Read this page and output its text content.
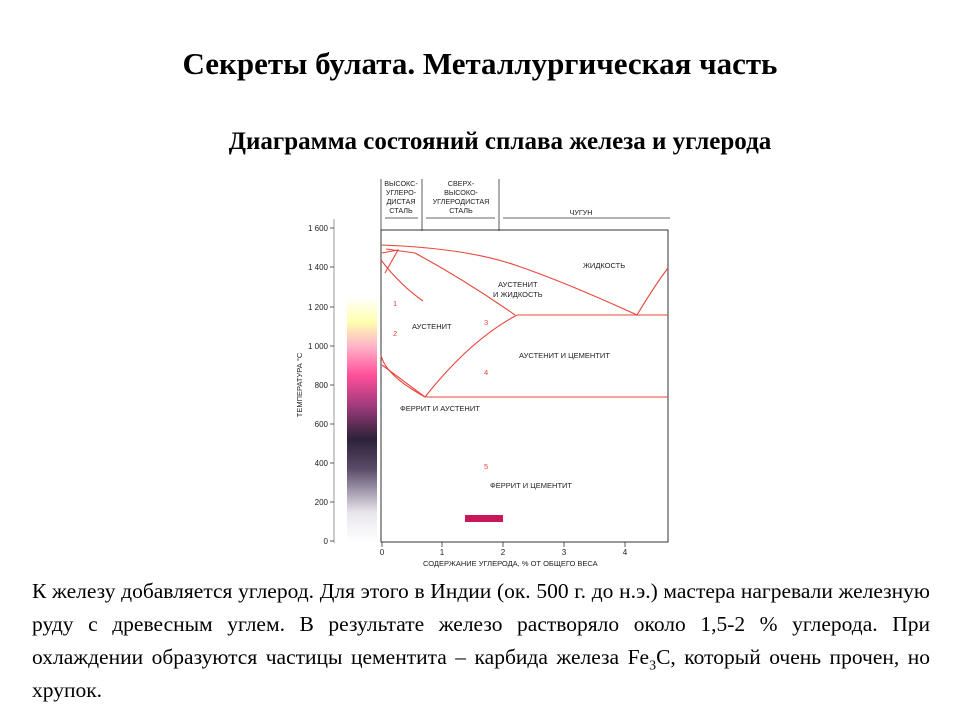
Секреты булата. Металлургическая часть
Диаграмма состояний сплава железа и углерода
ВЫСОКС-
УГЛЕРО-
ДИСТАЯ
СТАЛЬ
СВЕРХ-
ВЫСОКО-
УГЛЕРОДИСТАЯ
СТАЛЬ	ЧУГУН
0
200
400
600
800
1 000
1 200
1 400
1 600
ТЕМПЕРАТУРА °С
ЖИДКОСТЬ
АУСТЕНИТ
И ЖИДКОСТЬ
АУСТЕНИТ
АУСТЕНИТ И ЦЕМЕНТИТ
ФЕРРИТ И АУСТЕНИТ
ФЕРРИТ И ЦЕМЕНТИТ
1
2
3
4
5
0	1	2	3	4
СОДЕРЖАНИЕ УГЛЕРОДА, % ОТ ОБЩЕГО ВЕСА
К железу добавляется углерод. Для этого в Индии (ок. 500 г. до н.э.) мастера нагревали железную руду с древесным углем. В результате железо растворяло около 1,5-2 % углерода. При охлаждении образуются частицы цементита – карбида железа $Fe_3C$, который очень прочен, но хрупок.
